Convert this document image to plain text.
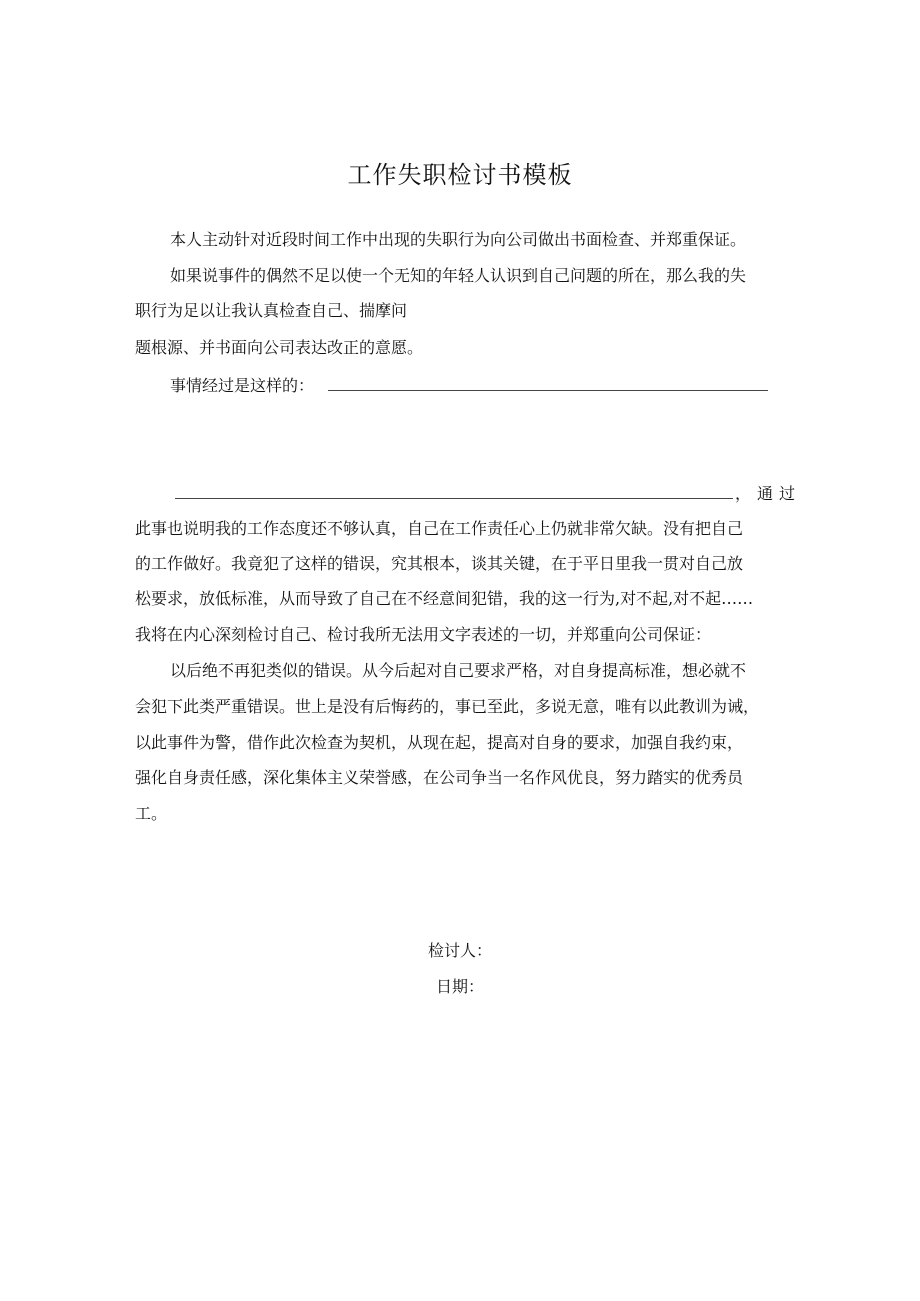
工作失职检讨书模板
本人主动针对近段时间工作中出现的失职行为向公司做出书面检查、并郑重保证。
如果说事件的偶然不足以使一个无知的年轻人认识到自己问题的所在，那么我的失
职行为足以让我认真检查自己、揣摩问
题根源、并书面向公司表达改正的意愿。
事情经过是这样的：
，通过
此事也说明我的工作态度还不够认真，自己在工作责任心上仍就非常欠缺。没有把自己
的工作做好。我竟犯了这样的错误，究其根本，谈其关键，在于平日里我一贯对自己放
松要求，放低标准，从而导致了自己在不经意间犯错，我的这一行为,对不起,对不起……
我将在内心深刻检讨自己、检讨我所无法用文字表述的一切，并郑重向公司保证：
以后绝不再犯类似的错误。从今后起对自己要求严格，对自身提高标准，想必就不
会犯下此类严重错误。世上是没有后悔药的，事已至此，多说无意，唯有以此教训为诫，
以此事件为警，借作此次检查为契机，从现在起，提高对自身的要求，加强自我约束，
强化自身责任感，深化集体主义荣誉感，在公司争当一名作风优良，努力踏实的优秀员
工。
检讨人：
日期：
